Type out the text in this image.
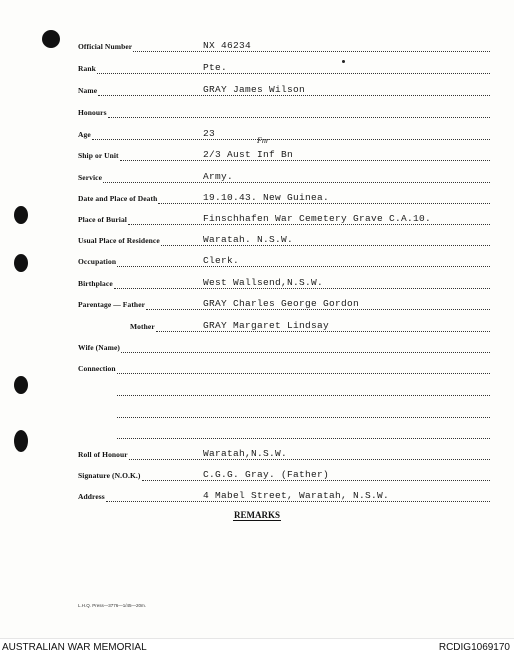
Official Number	NX 46234
Rank	Pte.
Name	GRAY James Wilson
Honours
Age	23
Ship or Unit	2/3 Aust Inf Bn
Service	Army.
Date and Place of Death	19.10.43. New Guinea.
Place of Burial	Finschhafen War Cemetery Grave C.A.10.
Usual Place of Residence	Waratah. N.S.W.
Occupation	Clerk.
Birthplace	West Wallsend,N.S.W.
Parentage — Father	GRAY Charles George Gordon
Mother	GRAY Margaret Lindsay
Wife (Name)
Connection
Roll of Honour	Waratah,N.S.W.
Signature (N.O.K.)	C.G.G. Gray. (Father)
Address	4 Mabel Street, Waratah, N.S.W.
Fnr
REMARKS
L.H.Q. Press—3776—1/45—20m.
AUSTRALIAN WAR MEMORIAL	RCDIG1069170
